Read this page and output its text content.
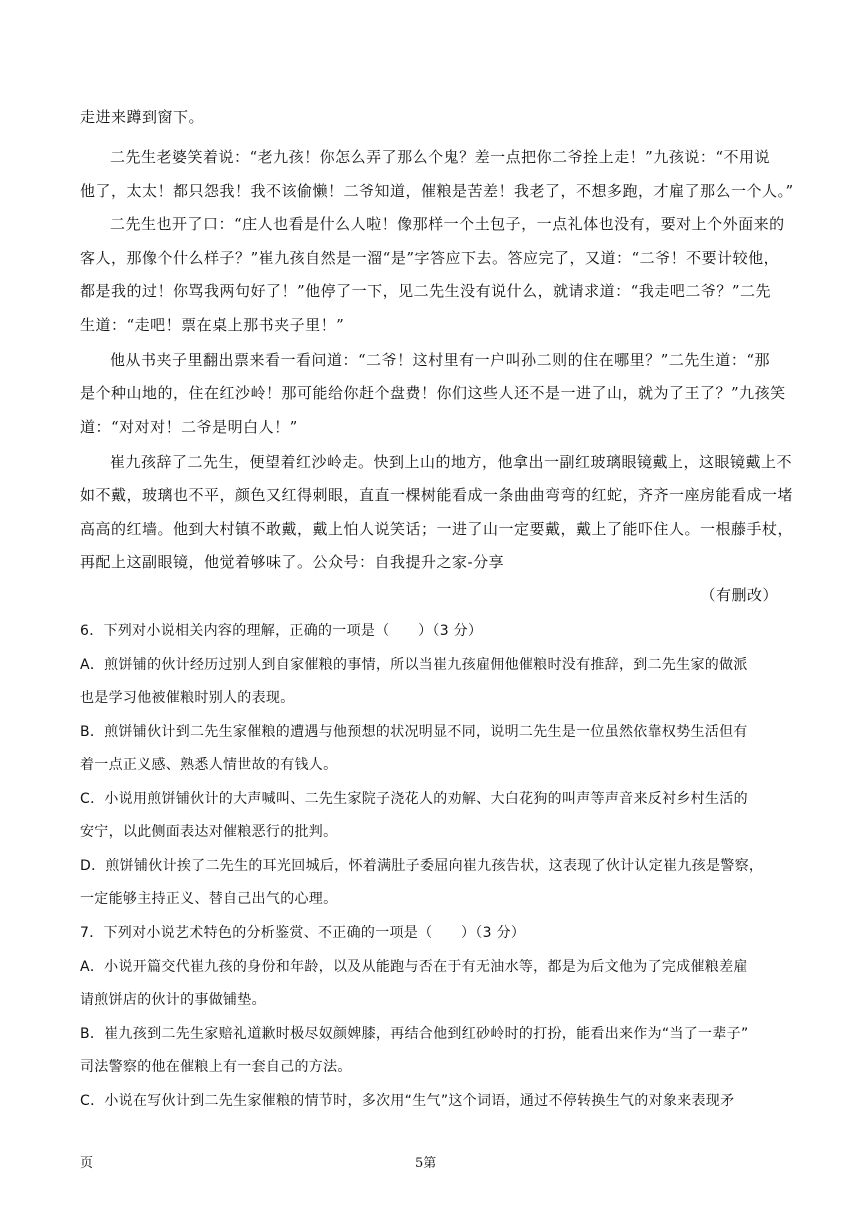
走进来蹲到窗下。

二先生老婆笑着说：“老九孩！你怎么弄了那么个鬼？差一点把你二爷拴上走！”九孩说：“不用说

他了，太太！都只怨我！我不该偷懒！二爷知道，催粮是苦差！我老了，不想多跑，才雇了那么一个人。”

二先生也开了口：“庄人也看是什么人啦！像那样一个土包子，一点礼体也没有，要对上个外面来的

客人，那像个什么样子？”崔九孩自然是一溜“是”字答应下去。答应完了，又道：“二爷！不要计较他，

都是我的过！你骂我两句好了！”他停了一下，见二先生没有说什么，就请求道：“我走吧二爷？”二先

生道：“走吧！票在桌上那书夹子里！”

他从书夹子里翻出票来看一看问道：“二爷！这村里有一户叫孙二则的住在哪里？”二先生道：“那

是个种山地的，住在红沙岭！那可能给你赶个盘费！你们这些人还不是一进了山，就为了王了？”九孩笑

道：“对对对！二爷是明白人！”

崔九孩辞了二先生，便望着红沙岭走。快到上山的地方，他拿出一副红玻璃眼镜戴上，这眼镜戴上不

如不戴，玻璃也不平，颜色又红得刺眼，直直一棵树能看成一条曲曲弯弯的红蛇，齐齐一座房能看成一堵

高高的红墙。他到大村镇不敢戴，戴上怕人说笑话；一进了山一定要戴，戴上了能吓住人。一根藤手杖，

再配上这副眼镜，他觉着够味了。公众号：自我提升之家-分享

（有删改）

6．下列对小说相关内容的理解，正确的一项是（　　）（3 分）

A．煎饼铺的伙计经历过别人到自家催粮的事情，所以当崔九孩雇佣他催粮时没有推辞，到二先生家的做派

也是学习他被催粮时别人的表现。

B．煎饼铺伙计到二先生家催粮的遭遇与他预想的状况明显不同，说明二先生是一位虽然依靠权势生活但有

着一点正义感、熟悉人情世故的有钱人。

C．小说用煎饼铺伙计的大声喊叫、二先生家院子浇花人的劝解、大白花狗的叫声等声音来反衬乡村生活的

安宁，以此侧面表达对催粮恶行的批判。

D．煎饼铺伙计挨了二先生的耳光回城后，怀着满肚子委屈向崔九孩告状，这表现了伙计认定崔九孩是警察，

一定能够主持正义、替自己出气的心理。

7．下列对小说艺术特色的分析鉴赏、不正确的一项是（　　）（3 分）

A．小说开篇交代崔九孩的身份和年龄，以及从能跑与否在于有无油水等，都是为后文他为了完成催粮差雇

请煎饼店的伙计的事做铺垫。

B．崔九孩到二先生家赔礼道歉时极尽奴颜婢膝，再结合他到红砂岭时的打扮，能看出来作为“当了一辈子”

司法警察的他在催粮上有一套自己的方法。

C．小说在写伙计到二先生家催粮的情节时，多次用“生气”这个词语，通过不停转换生气的对象来表现矛

页	5第
